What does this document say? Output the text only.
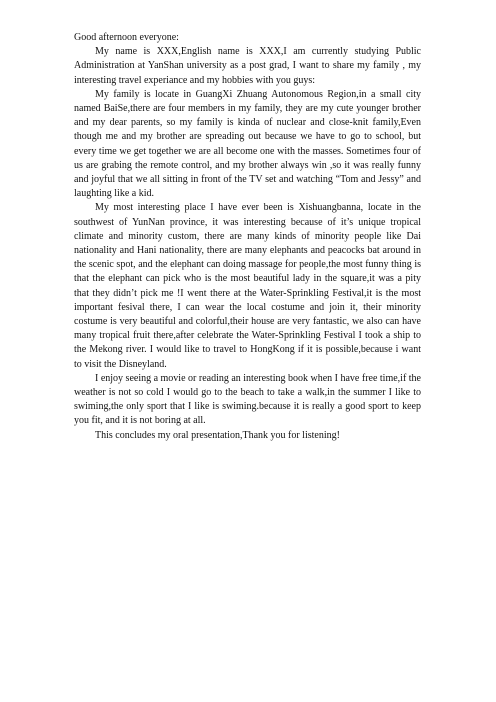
Good afternoon everyone:

My name is XXX,English name is XXX,I am currently studying Public Administration at YanShan university as a post grad, I want to share my family , my interesting travel experiance and my hobbies with you guys:

My family is locate in GuangXi Zhuang Autonomous Region,in a small city named BaiSe,there are four members in my family, they are my cute younger brother and my dear parents, so my family is kinda of nuclear and close-knit family,Even though me and my brother are spreading out because we have to go to school, but every time we get together we are all become one with the masses. Sometimes four of us are grabing the remote control, and my brother always win ,so it was really funny and joyful that we all sitting in front of the TV set and watching “Tom and Jessy” and laughting like a kid.

My most interesting place I have ever been is Xishuangbanna, locate in the southwest of YunNan province, it was interesting because of it’s unique tropical climate and minority custom, there are many kinds of minority people like Dai nationality and Hani nationality, there are many elephants and peacocks bat around in the scenic spot, and the elephant can doing massage for people,the most funny thing is that the elephant can pick who is the most beautiful lady in the square,it was a pity that they didn’t pick me !I went there at the Water-Sprinkling Festival,it is the most important fesival there, I can wear the local costume and join it, their minority costume is very beautiful and colorful,their house are very fantastic, we also can have many tropical fruit there,after celebrate the Water-Sprinkling Festival I took a ship to the Mekong river. I would like to travel to HongKong if it is possible,because i want to visit the Disneyland.

I enjoy seeing a movie or reading an interesting book when I have free time,if the weather is not so cold I would go to the beach to take a walk,in the summer I like to swiming,the only sport that I like is swiming.because it is really a good sport to keep you fit, and it is not boring at all.

This concludes my oral presentation,Thank you for listening!
